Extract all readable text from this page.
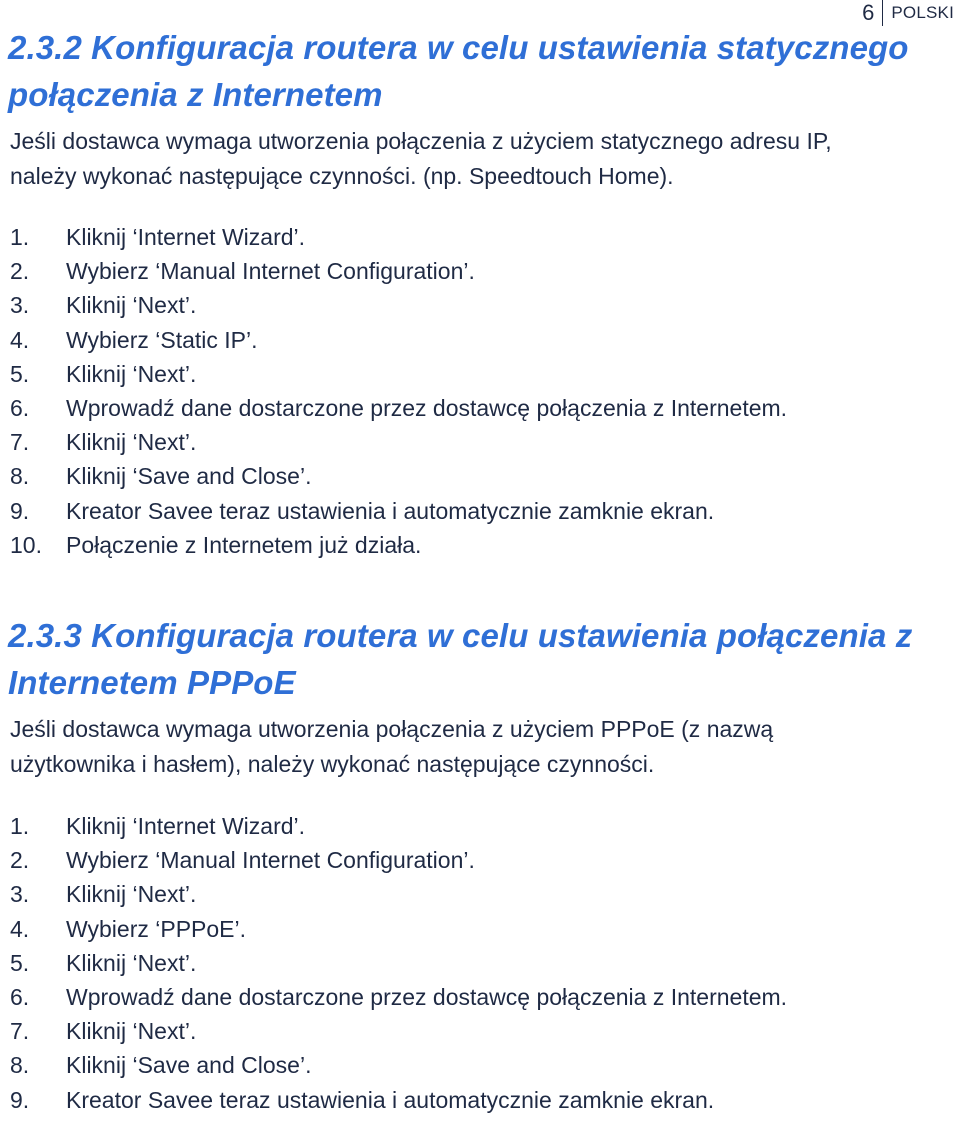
6	POLSKI
2.3.2 Konfiguracja routera w celu ustawienia statycznego
połączenia z Internetem

Jeśli dostawca wymaga utworzenia połączenia z użyciem statycznego adresu IP,
należy wykonać następujące czynności. (np. Speedtouch Home).

1.	Kliknij ‘Internet Wizard’.
2.	Wybierz ‘Manual Internet Configuration’.
3.	Kliknij ‘Next’.
4.	Wybierz ‘Static IP’.
5.	Kliknij ‘Next’.
6.	Wprowadź dane dostarczone przez dostawcę połączenia z Internetem.
7.	Kliknij ‘Next’.
8.	Kliknij ‘Save and Close’.
9.	Kreator Savee teraz ustawienia i automatycznie zamknie ekran.
10.	Połączenie z Internetem już działa.
2.3.3 Konfiguracja routera w celu ustawienia połączenia z
Internetem PPPoE

Jeśli dostawca wymaga utworzenia połączenia z użyciem PPPoE (z nazwą
użytkownika i hasłem), należy wykonać następujące czynności.

1.	Kliknij ‘Internet Wizard’.
2.	Wybierz ‘Manual Internet Configuration’.
3.	Kliknij ‘Next’.
4.	Wybierz ‘PPPoE’.
5.	Kliknij ‘Next’.
6.	Wprowadź dane dostarczone przez dostawcę połączenia z Internetem.
7.	Kliknij ‘Next’.
8.	Kliknij ‘Save and Close’.
9.	Kreator Savee teraz ustawienia i automatycznie zamknie ekran.
